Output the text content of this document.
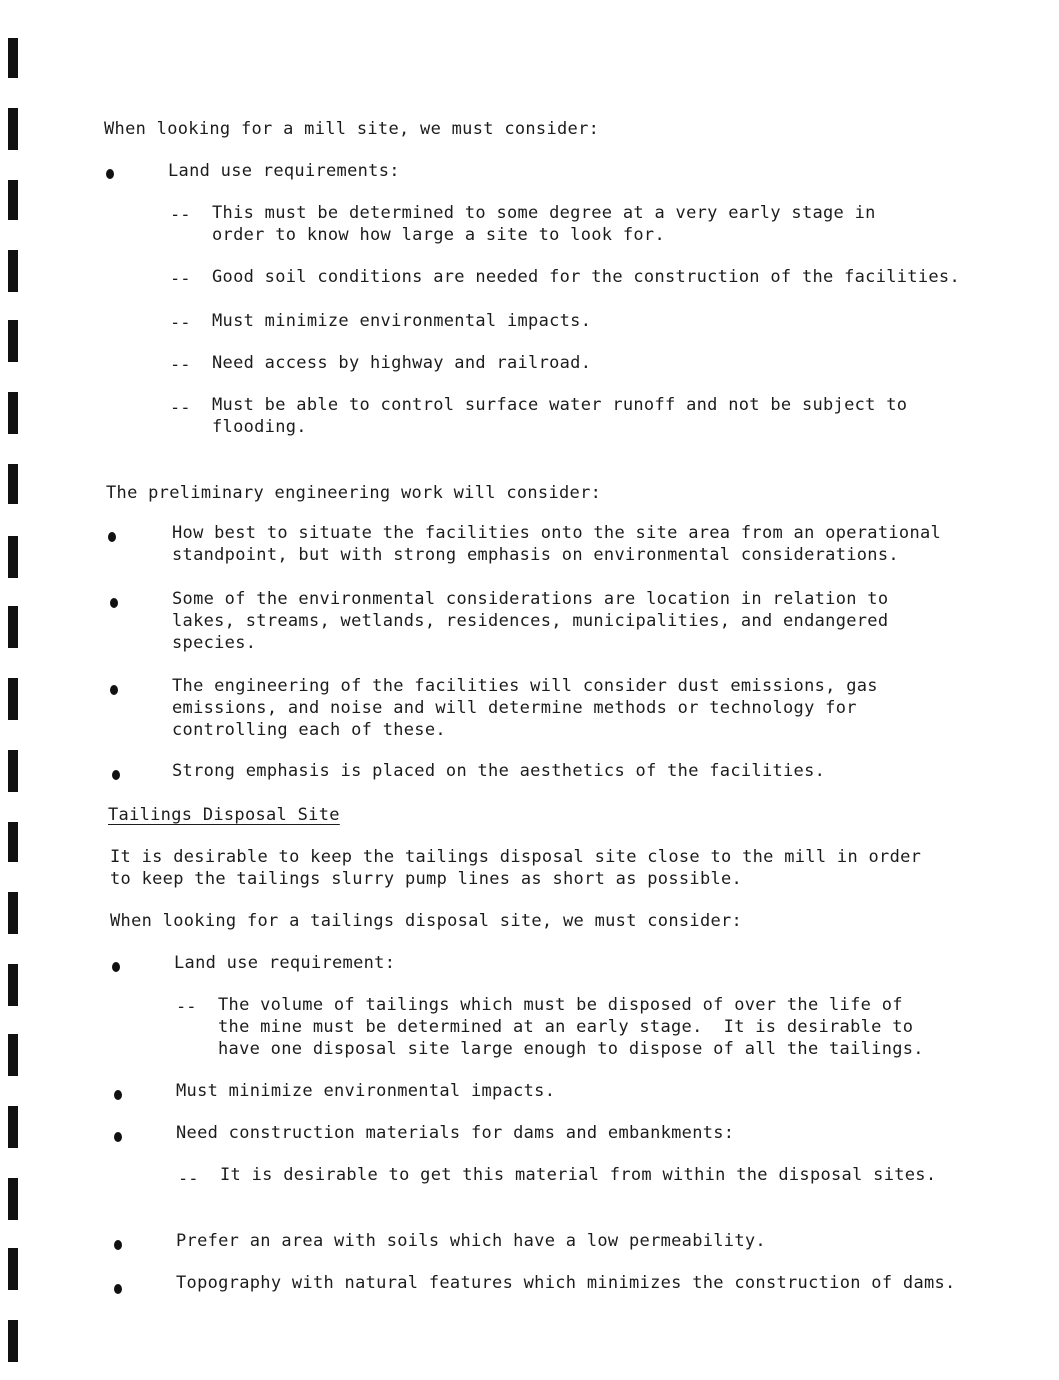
When looking for a mill site, we must consider:
Land use requirements:
-- This must be determined to some degree at a very early stage in
order to know how large a site to look for.
-- Good soil conditions are needed for the construction of the facilities.
-- Must minimize environmental impacts.
-- Need access by highway and railroad.
-- Must be able to control surface water runoff and not be subject to
flooding.
The preliminary engineering work will consider:
How best to situate the facilities onto the site area from an operational
standpoint, but with strong emphasis on environmental considerations.
Some of the environmental considerations are location in relation to
lakes, streams, wetlands, residences, municipalities, and endangered
species.
The engineering of the facilities will consider dust emissions, gas
emissions, and noise and will determine methods or technology for
controlling each of these.
Strong emphasis is placed on the aesthetics of the facilities.
Tailings Disposal Site
It is desirable to keep the tailings disposal site close to the mill in order
to keep the tailings slurry pump lines as short as possible.
When looking for a tailings disposal site, we must consider:
Land use requirement:
-- The volume of tailings which must be disposed of over the life of
the mine must be determined at an early stage.  It is desirable to
have one disposal site large enough to dispose of all the tailings.
Must minimize environmental impacts.
Need construction materials for dams and embankments:
-- It is desirable to get this material from within the disposal sites.
Prefer an area with soils which have a low permeability.
Topography with natural features which minimizes the construction of dams.
